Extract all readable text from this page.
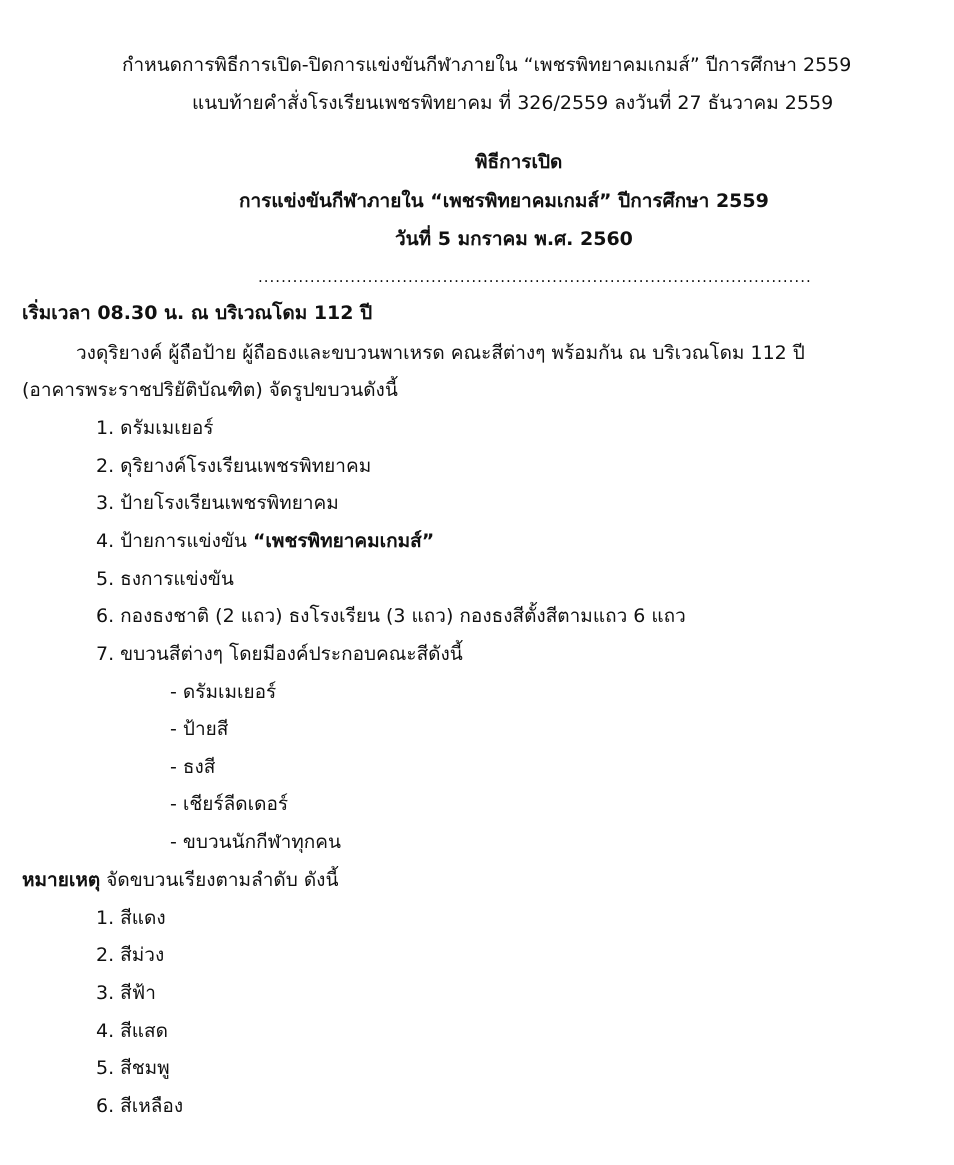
กำหนดการพิธีการเปิด-ปิดการแข่งขันกีฬาภายใน “เพชรพิทยาคมเกมส์” ปีการศึกษา 2559
แนบท้ายคำสั่งโรงเรียนเพชรพิทยาคม ที่ 326/2559 ลงวันที่ 27 ธันวาคม 2559
พิธีการเปิด
การแข่งขันกีฬาภายใน “เพชรพิทยาคมเกมส์” ปีการศึกษา 2559
วันที่ 5 มกราคม พ.ศ. 2560
................................................................................................
เริ่มเวลา 08.30 น. ณ บริเวณโดม 112 ปี
วงดุริยางค์ ผู้ถือป้าย ผู้ถือธงและขบวนพาเหรด คณะสีต่างๆ พร้อมกัน ณ บริเวณโดม 112 ปี
(อาคารพระราชปริยัติบัณฑิต) จัดรูปขบวนดังนี้
1. ดรัมเมเยอร์
2. ดุริยางค์โรงเรียนเพชรพิทยาคม
3. ป้ายโรงเรียนเพชรพิทยาคม
4. ป้ายการแข่งขัน “เพชรพิทยาคมเกมส์”
5. ธงการแข่งขัน
6. กองธงชาติ (2 แถว) ธงโรงเรียน (3 แถว) กองธงสีตั้งสีตามแถว 6 แถว
7. ขบวนสีต่างๆ โดยมีองค์ประกอบคณะสีดังนี้
- ดรัมเมเยอร์
- ป้ายสี
- ธงสี
- เชียร์ลีดเดอร์
- ขบวนนักกีฬาทุกคน
หมายเหตุ จัดขบวนเรียงตามลำดับ ดังนี้
1. สีแดง
2. สีม่วง
3. สีฟ้า
4. สีแสด
5. สีชมพู
6. สีเหลือง
